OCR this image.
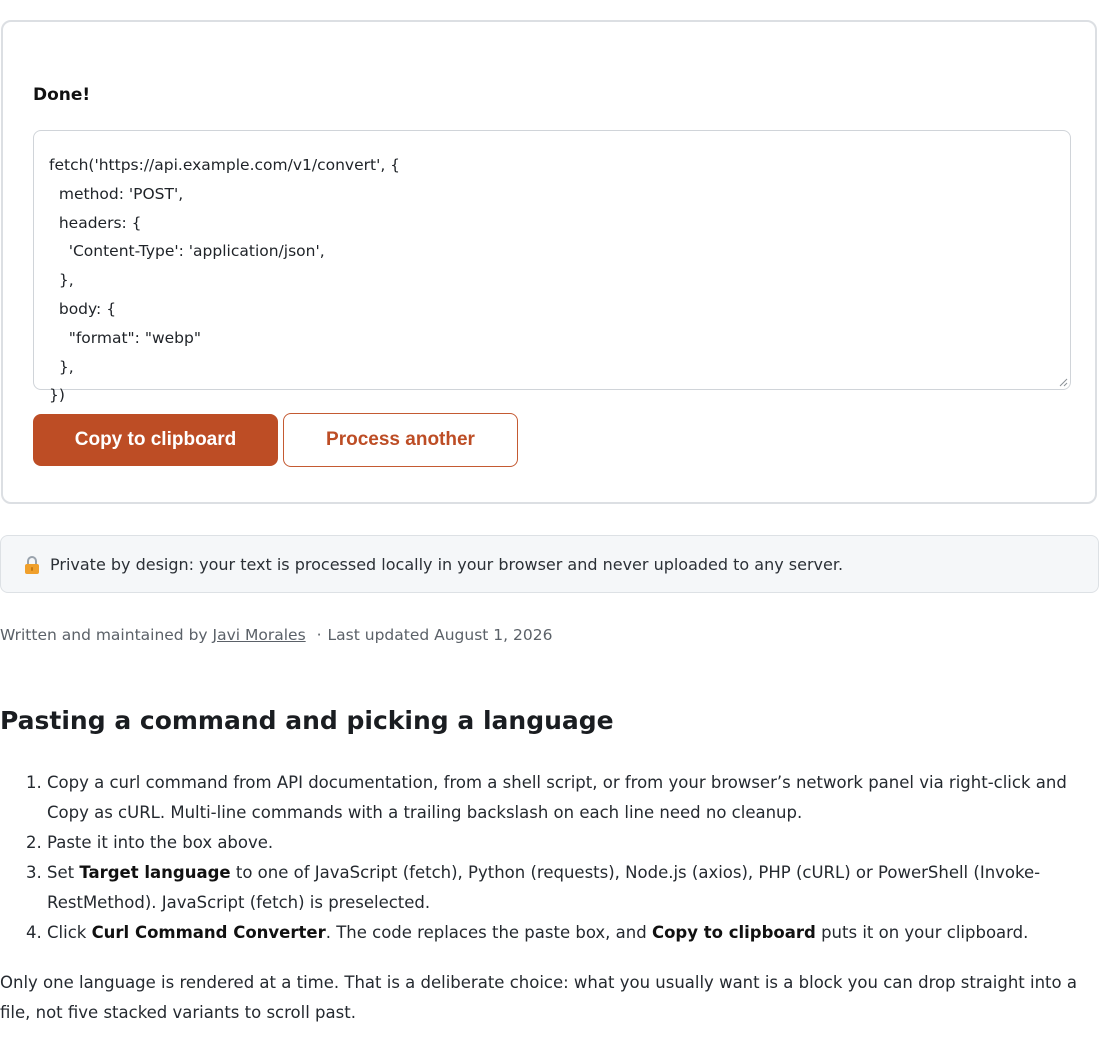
Done!
fetch('https://api.example.com/v1/convert', {
method: 'POST',
headers: {
'Content-Type': 'application/json',
},
body: {
"format": "webp"
},
})
Copy to clipboard	Process another
Private by design: your text is processed locally in your browser and never uploaded to any server.
Written and maintained by Javi Morales · Last updated August 1, 2026
Pasting a command and picking a language
1. Copy a curl command from API documentation, from a shell script, or from your browser’s network panel via right-click and Copy as cURL. Multi-line commands with a trailing backslash on each line need no cleanup.
2. Paste it into the box above.
3. Set Target language to one of JavaScript (fetch), Python (requests), Node.js (axios), PHP (cURL) or PowerShell (Invoke-RestMethod). JavaScript (fetch) is preselected.
4. Click Curl Command Converter. The code replaces the paste box, and Copy to clipboard puts it on your clipboard.

Only one language is rendered at a time. That is a deliberate choice: what you usually want is a block you can drop straight into a file, not five stacked variants to scroll past.
